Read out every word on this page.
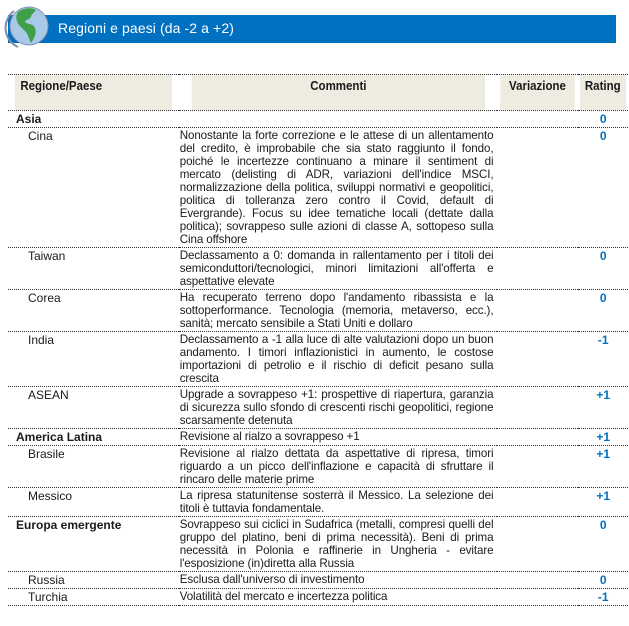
Regioni e paesi (da -2 a +2)
Regione/Paese	Commenti	Variazione	Rating
Asia			0
Cina	Nonostante la forte correzione e le attese di un allentamento del credito, è improbabile che sia stato raggiunto il fondo, poiché le incertezze continuano a minare il sentiment di mercato (delisting di ADR, variazioni dell'indice MSCI, normalizzazione della politica, sviluppi normativi e geopolitici, politica di tolleranza zero contro il Covid, default di Evergrande). Focus su idee tematiche locali (dettate dalla politica); sovrappeso sulle azioni di classe A, sottopeso sulla Cina offshore		0
Taiwan	Declassamento a 0: domanda in rallentamento per i titoli dei semiconduttori/tecnologici, minori limitazioni all'offerta e aspettative elevate		0
Corea	Ha recuperato terreno dopo l'andamento ribassista e la sottoperformance. Tecnologia (memoria, metaverso, ecc.), sanità; mercato sensibile a Stati Uniti e dollaro		0
India	Declassamento a -1 alla luce di alte valutazioni dopo un buon andamento. I timori inflazionistici in aumento, le costose importazioni di petrolio e il rischio di deficit pesano sulla crescita		-1
ASEAN	Upgrade a sovrappeso +1: prospettive di riapertura, garanzia di sicurezza sullo sfondo di crescenti rischi geopolitici, regione scarsamente detenuta		+1
America Latina	Revisione al rialzo a sovrappeso +1		+1
Brasile	Revisione al rialzo dettata da aspettative di ripresa, timori riguardo a un picco dell'inflazione e capacità di sfruttare il rincaro delle materie prime		+1
Messico	La ripresa statunitense sosterrà il Messico. La selezione dei titoli è tuttavia fondamentale.		+1
Europa emergente	Sovrappeso sui ciclici in Sudafrica (metalli, compresi quelli del gruppo del platino, beni di prima necessità). Beni di prima necessità in Polonia e raffinerie in Ungheria - evitare l'esposizione (in)diretta alla Russia		0
Russia	Esclusa dall'universo di investimento		0
Turchia	Volatilità del mercato e incertezza politica		-1
